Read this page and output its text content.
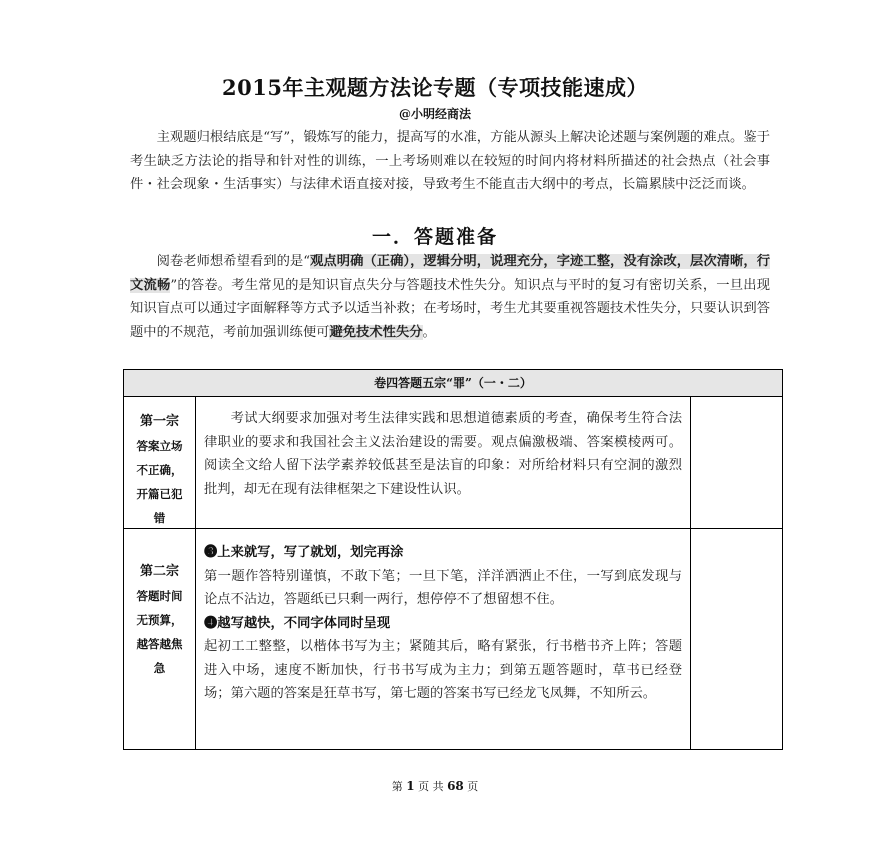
2015年主观题方法论专题（专项技能速成）
@小明经商法
主观题归根结底是“写”，锻炼写的能力，提高写的水准，方能从源头上解决论述题与案例题的难点。鉴于考生缺乏方法论的指导和针对性的训练，一上考场则难以在较短的时间内将材料所描述的社会热点（社会事件・社会现象・生活事实）与法律术语直接对接，导致考生不能直击大纲中的考点，长篇累牍中泛泛而谈。
一．答题准备
阅卷老师想希望看到的是“观点明确（正确），逻辑分明，说理充分，字迹工整，没有涂改，层次清晰，行文流畅”的答卷。考生常见的是知识盲点失分与答题技术性失分。知识点与平时的复习有密切关系，一旦出现知识盲点可以通过字面解释等方式予以适当补救；在考场时，考生尤其要重视答题技术性失分，只要认识到答题中的不规范，考前加强训练便可避免技术性失分。
卷四答题五宗“罪”（一・二）
第一宗
答案立场不正确，开篇已犯错
考试大纲要求加强对考生法律实践和思想道德素质的考查，确保考生符合法律职业的要求和我国社会主义法治建设的需要。观点偏激极端、答案模棱两可。阅读全文给人留下法学素养较低甚至是法盲的印象：对所给材料只有空洞的激烈批判，却无在现有法律框架之下建设性认识。
第二宗
答题时间无预算，越答越焦急
❸上来就写，写了就划，划完再涂
第一题作答特别谨慎，不敢下笔；一旦下笔，洋洋洒洒止不住，一写到底发现与论点不沾边，答题纸已只剩一两行，想停停不了想留想不住。
❹越写越快，不同字体同时呈现
起初工工整整，以楷体书写为主；紧随其后，略有紧张，行书楷书齐上阵；答题进入中场，速度不断加快，行书书写成为主力；到第五题答题时，草书已经登场；第六题的答案是狂草书写，第七题的答案书写已经龙飞凤舞，不知所云。
第 1 页 共 68 页
